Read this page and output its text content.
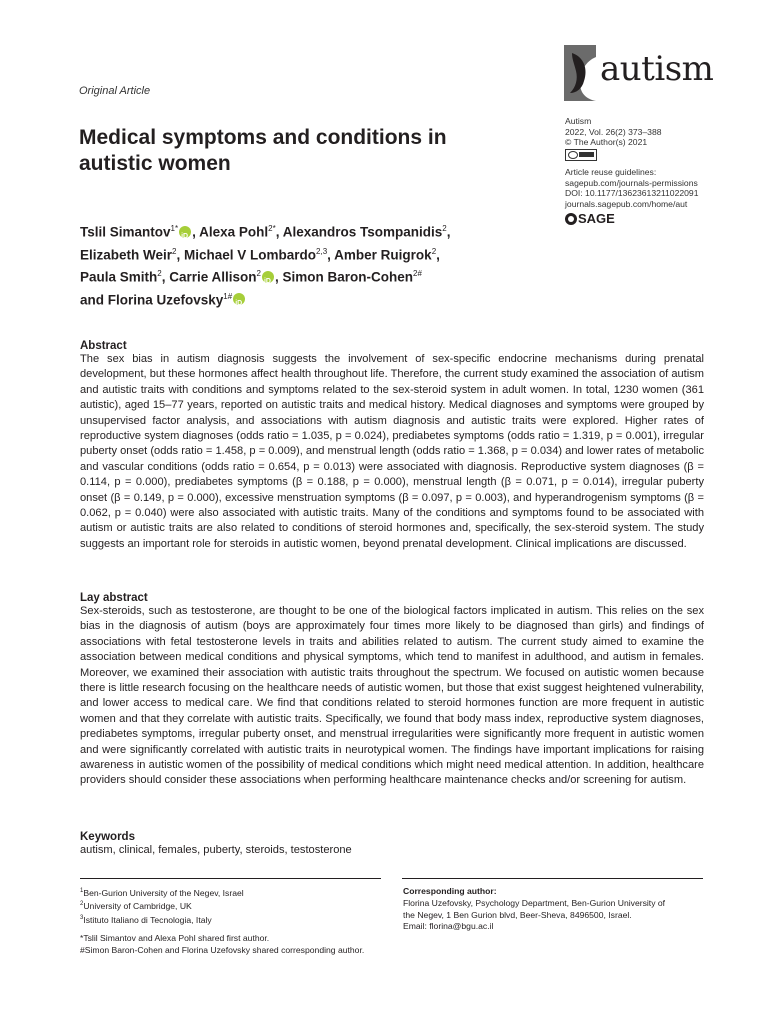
Original Article
autism
Autism
2022, Vol. 26(2) 373–388
© The Author(s) 2021
Article reuse guidelines:
sagepub.com/journals-permissions
DOI: 10.1177/13623613211022091
journals.sagepub.com/home/aut
SAGE
Medical symptoms and conditions in
autistic women
Tslil Simantov$^{1*}$ iD , Alexa Pohl$^{2*}$, Alexandros Tsompanidis$^2$,
Elizabeth Weir$^2$, Michael V Lombardo$^{2,3}$, Amber Ruigrok$^2$,
Paula Smith$^2$, Carrie Allison$^2$ iD , Simon Baron-Cohen$^{2\#}$
and Florina Uzefovsky$^{1\#}$iD
Abstract
The sex bias in autism diagnosis suggests the involvement of sex-specific endocrine mechanisms during prenatal development, but these hormones affect health throughout life. Therefore, the current study examined the association of autism and autistic traits with conditions and symptoms related to the sex-steroid system in adult women. In total, 1230 women (361 autistic), aged 15–77 years, reported on autistic traits and medical history. Medical diagnoses and symptoms were grouped by unsupervised factor analysis, and associations with autism diagnosis and autistic traits were explored. Higher rates of reproductive system diagnoses (odds ratio = 1.035, p = 0.024), prediabetes symptoms (odds ratio = 1.319, p = 0.001), irregular puberty onset (odds ratio = 1.458, p = 0.009), and menstrual length (odds ratio = 1.368, p = 0.034) and lower rates of metabolic and vascular conditions (odds ratio = 0.654, p = 0.013) were associated with diagnosis. Reproductive system diagnoses (β = 0.114, p = 0.000), prediabetes symptoms (β = 0.188, p = 0.000), menstrual length (β = 0.071, p = 0.014), irregular puberty onset (β = 0.149, p = 0.000), excessive menstruation symptoms (β = 0.097, p = 0.003), and hyperandrogenism symptoms (β = 0.062, p = 0.040) were also associated with autistic traits. Many of the conditions and symptoms found to be associated with autism or autistic traits are also related to conditions of steroid hormones and, specifically, the sex-steroid system. The study suggests an important role for steroids in autistic women, beyond prenatal development. Clinical implications are discussed.
Lay abstract
Sex-steroids, such as testosterone, are thought to be one of the biological factors implicated in autism. This relies on the sex bias in the diagnosis of autism (boys are approximately four times more likely to be diagnosed than girls) and findings of associations with fetal testosterone levels in traits and abilities related to autism. The current study aimed to examine the association between medical conditions and physical symptoms, which tend to manifest in adulthood, and autism in females. Moreover, we examined their association with autistic traits throughout the spectrum. We focused on autistic women because there is little research focusing on the healthcare needs of autistic women, but those that exist suggest heightened vulnerability, and lower access to medical care. We find that conditions related to steroid hormones function are more frequent in autistic women and that they correlate with autistic traits. Specifically, we found that body mass index, reproductive system diagnoses, prediabetes symptoms, irregular puberty onset, and menstrual irregularities were significantly more frequent in autistic women and were significantly correlated with autistic traits in neurotypical women. The findings have important implications for raising awareness in autistic women of the possibility of medical conditions which might need medical attention. In addition, healthcare providers should consider these associations when performing healthcare maintenance checks and/or screening for autism.
Keywords
autism, clinical, females, puberty, steroids, testosterone
$^1$Ben-Gurion University of the Negev, Israel
$^2$University of Cambridge, UK
$^3$Istituto Italiano di Tecnologia, Italy
*Tslil Simantov and Alexa Pohl shared first author.
#Simon Baron-Cohen and Florina Uzefovsky shared corresponding author.
Corresponding author:
Florina Uzefovsky, Psychology Department, Ben-Gurion University of
the Negev, 1 Ben Gurion blvd, Beer-Sheva, 8496500, Israel.
Email: florina@bgu.ac.il
